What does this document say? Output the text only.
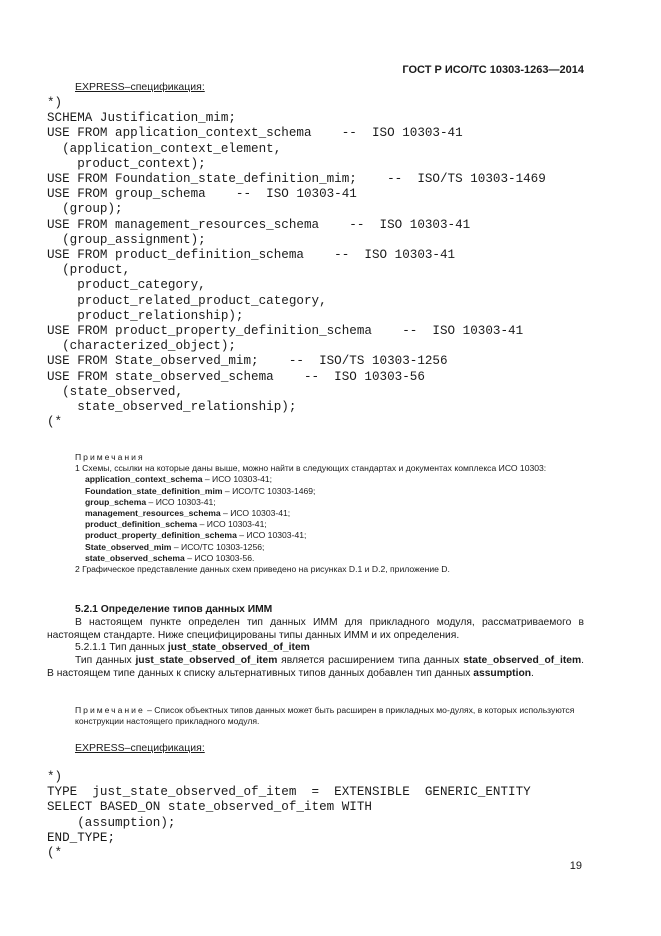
ГОСТ Р ИСО/ТС 10303-1263—2014
EXPRESS–спецификация:
*)
SCHEMA Justification_mim;
USE FROM application_context_schema    --  ISO 10303-41
(application_context_element,
product_context);
USE FROM Foundation_state_definition_mim;    --  ISO/TS 10303-1469
USE FROM group_schema    --  ISO 10303-41
(group);
USE FROM management_resources_schema    --  ISO 10303-41
(group_assignment);
USE FROM product_definition_schema    --  ISO 10303-41
(product,
product_category,
product_related_product_category,
product_relationship);
USE FROM product_property_definition_schema    --  ISO 10303-41
(characterized_object);
USE FROM State_observed_mim;    --  ISO/TS 10303-1256
USE FROM state_observed_schema    --  ISO 10303-56
(state_observed,
state_observed_relationship);
(*
Примечания
1 Схемы, ссылки на которые даны выше, можно найти в следующих стандартах и документах комплекса ИСО 10303:
application_context_schema – ИСО 10303-41;
Foundation_state_definition_mim – ИСО/ТС 10303-1469;
group_schema – ИСО 10303-41;
management_resources_schema – ИСО 10303-41;
product_definition_schema – ИСО 10303-41;
product_property_definition_schema – ИСО 10303-41;
State_observed_mim – ИСО/ТС 10303-1256;
state_observed_schema – ИСО 10303-56.
2 Графическое представление данных схем приведено на рисунках D.1 и D.2, приложение D.

5.2.1 Определение типов данных ИММ

В настоящем пункте определен тип данных ИММ для прикладного модуля, рассматриваемого в настоящем стандарте. Ниже специфицированы типы данных ИММ и их определения.

5.2.1.1 Тип данных just_state_observed_of_item

Тип данных just_state_observed_of_item является расширением типа данных state_observed_of_item. В настоящем типе данных к списку альтернативных типов данных добавлен тип данных assumption.

Примечание – Список объектных типов данных может быть расширен в прикладных мо-дулях, в которых используются конструкции настоящего прикладного модуля.
EXPRESS–спецификация:
*)
TYPE  just_state_observed_of_item  =  EXTENSIBLE  GENERIC_ENTITY
SELECT BASED_ON state_observed_of_item WITH
(assumption);
END_TYPE;
(*
19
